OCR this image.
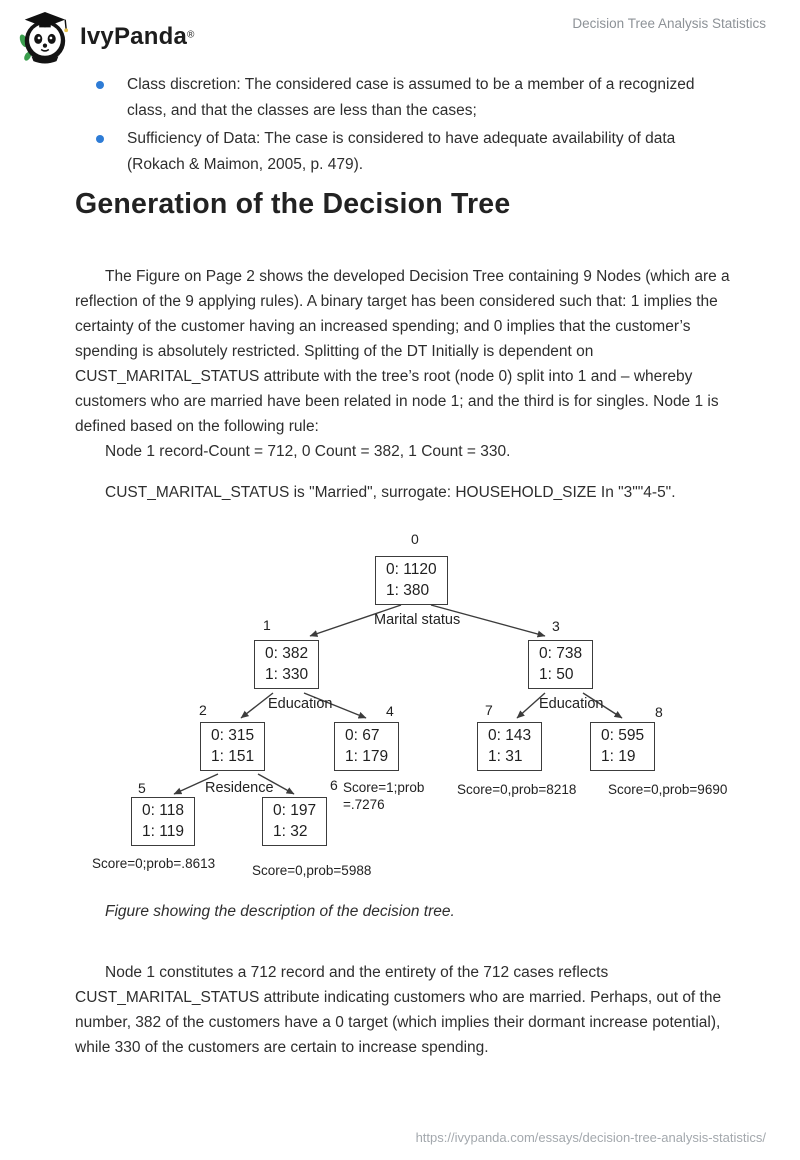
IvyPanda®
Decision Tree Analysis Statistics
Class discretion: The considered case is assumed to be a member of a recognized class, and that the classes are less than the cases;
Sufficiency of Data: The case is considered to have adequate availability of data (Rokach & Maimon, 2005, p. 479).
Generation of the Decision Tree

The Figure on Page 2 shows the developed Decision Tree containing 9 Nodes (which are a reflection of the 9 applying rules). A binary target has been considered such that: 1 implies the certainty of the customer having an increased spending; and 0 implies that the customer’s spending is absolutely restricted. Splitting of the DT Initially is dependent on CUST_MARITAL_STATUS attribute with the tree’s root (node 0) split into 1 and – whereby customers who are married have been related in node 1; and the third is for singles. Node 1 is defined based on the following rule:

Node 1 record-Count = 712, 0 Count = 382, 1 Count = 330.
CUST_MARITAL_STATUS is "Married", surrogate: HOUSEHOLD_SIZE In "3""4-5".
0
1	3
2	4	7	8
5	6
0: 1120
1: 380
0: 382
1: 330
0: 738
1: 50
0: 315
1: 151
0: 67
1: 179
0: 143
1: 31
0: 595
1: 19
0: 118
1: 119
0: 197
1: 32
Marital status
Education	Education
Residence	Score=1;prob =.7276
Score=0,prob=8218 Score=0,prob=9690
Score=0;prob=.8613	Score=0,prob=5988
Figure showing the description of the decision tree.

Node 1 constitutes a 712 record and the entirety of the 712 cases reflects CUST_MARITAL_STATUS attribute indicating customers who are married. Perhaps, out of the number, 382 of the customers have a 0 target (which implies their dormant increase potential), while 330 of the customers are certain to increase spending.

https://ivypanda.com/essays/decision-tree-analysis-statistics/
